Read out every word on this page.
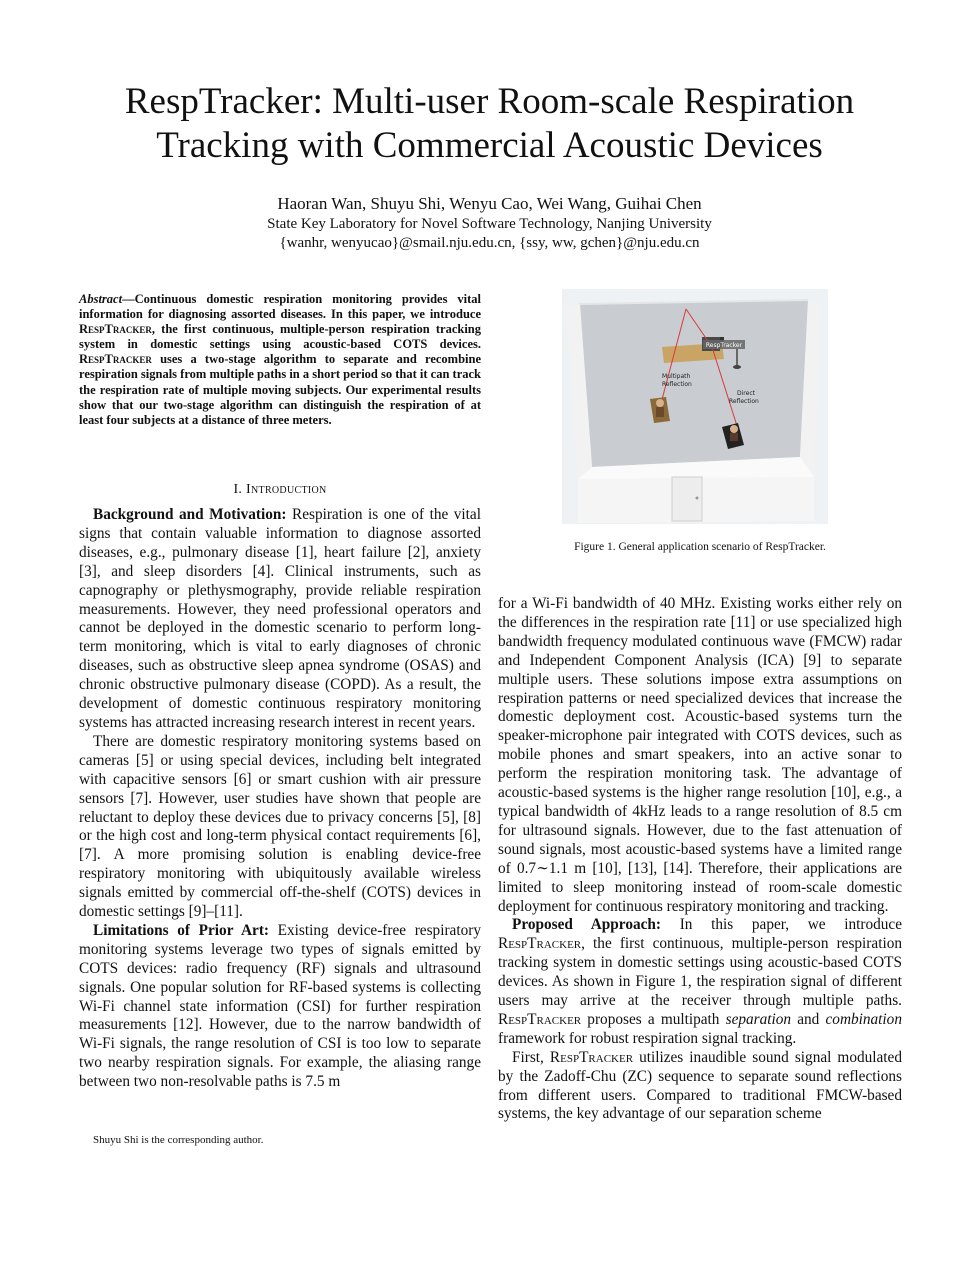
RespTracker: Multi-user Room-scale Respiration Tracking with Commercial Acoustic Devices
Haoran Wan, Shuyu Shi, Wenyu Cao, Wei Wang, Guihai Chen
State Key Laboratory for Novel Software Technology, Nanjing University
{wanhr, wenyucao}@smail.nju.edu.cn, {ssy, ww, gchen}@nju.edu.cn
Abstract—Continuous domestic respiration monitoring provides vital information for diagnosing assorted diseases. In this paper, we introduce RespTracker, the first continuous, multiple-person respiration tracking system in domestic settings using acoustic-based COTS devices. RespTracker uses a two-stage algorithm to separate and recombine respiration signals from multiple paths in a short period so that it can track the respiration rate of multiple moving subjects. Our experimental results show that our two-stage algorithm can distinguish the respiration of at least four subjects at a distance of three meters.
I. Introduction

Background and Motivation: Respiration is one of the vital signs that contain valuable information to diagnose assorted diseases, e.g., pulmonary disease [1], heart failure [2], anxiety [3], and sleep disorders [4]. Clinical instruments, such as capnography or plethysmography, provide reliable respiration measurements. However, they need professional operators and cannot be deployed in the domestic scenario to perform long-term monitoring, which is vital to early diagnoses of chronic diseases, such as obstructive sleep apnea syndrome (OSAS) and chronic obstructive pulmonary disease (COPD). As a result, the development of domestic continuous respiratory monitoring systems has attracted increasing research interest in recent years.

There are domestic respiratory monitoring systems based on cameras [5] or using special devices, including belt integrated with capacitive sensors [6] or smart cushion with air pressure sensors [7]. However, user studies have shown that people are reluctant to deploy these devices due to privacy concerns [5], [8] or the high cost and long-term physical contact requirements [6], [7]. A more promising solution is enabling device-free respiratory monitoring with ubiquitously available wireless signals emitted by commercial off-the-shelf (COTS) devices in domestic settings [9]–[11].

Limitations of Prior Art: Existing device-free respiratory monitoring systems leverage two types of signals emitted by COTS devices: radio frequency (RF) signals and ultrasound signals. One popular solution for RF-based systems is collecting Wi-Fi channel state information (CSI) for further respiration measurements [12]. However, due to the narrow bandwidth of Wi-Fi signals, the range resolution of CSI is too low to separate two nearby respiration signals. For example, the aliasing range between two non-resolvable paths is 7.5 m

Shuyu Shi is the corresponding author.
RespTracker
Multipath
Reflection
Direct
Reflection
Figure 1. General application scenario of RespTracker.

for a Wi-Fi bandwidth of 40 MHz. Existing works either rely on the differences in the respiration rate [11] or use specialized high bandwidth frequency modulated continuous wave (FMCW) radar and Independent Component Analysis (ICA) [9] to separate multiple users. These solutions impose extra assumptions on respiration patterns or need specialized devices that increase the domestic deployment cost. Acoustic-based systems turn the speaker-microphone pair integrated with COTS devices, such as mobile phones and smart speakers, into an active sonar to perform the respiration monitoring task. The advantage of acoustic-based systems is the higher range resolution [10], e.g., a typical bandwidth of 4kHz leads to a range resolution of 8.5 cm for ultrasound signals. However, due to the fast attenuation of sound signals, most acoustic-based systems have a limited range of 0.7∼1.1 m [10], [13], [14]. Therefore, their applications are limited to sleep monitoring instead of room-scale domestic deployment for continuous respiratory monitoring and tracking.

Proposed Approach: In this paper, we introduce RespTracker, the first continuous, multiple-person respiration tracking system in domestic settings using acoustic-based COTS devices. As shown in Figure 1, the respiration signal of different users may arrive at the receiver through multiple paths. RespTracker proposes a multipath separation and combination framework for robust respiration signal tracking.

First, RespTracker utilizes inaudible sound signal modulated by the Zadoff-Chu (ZC) sequence to separate sound reflections from different users. Compared to traditional FMCW-based systems, the key advantage of our separation scheme
